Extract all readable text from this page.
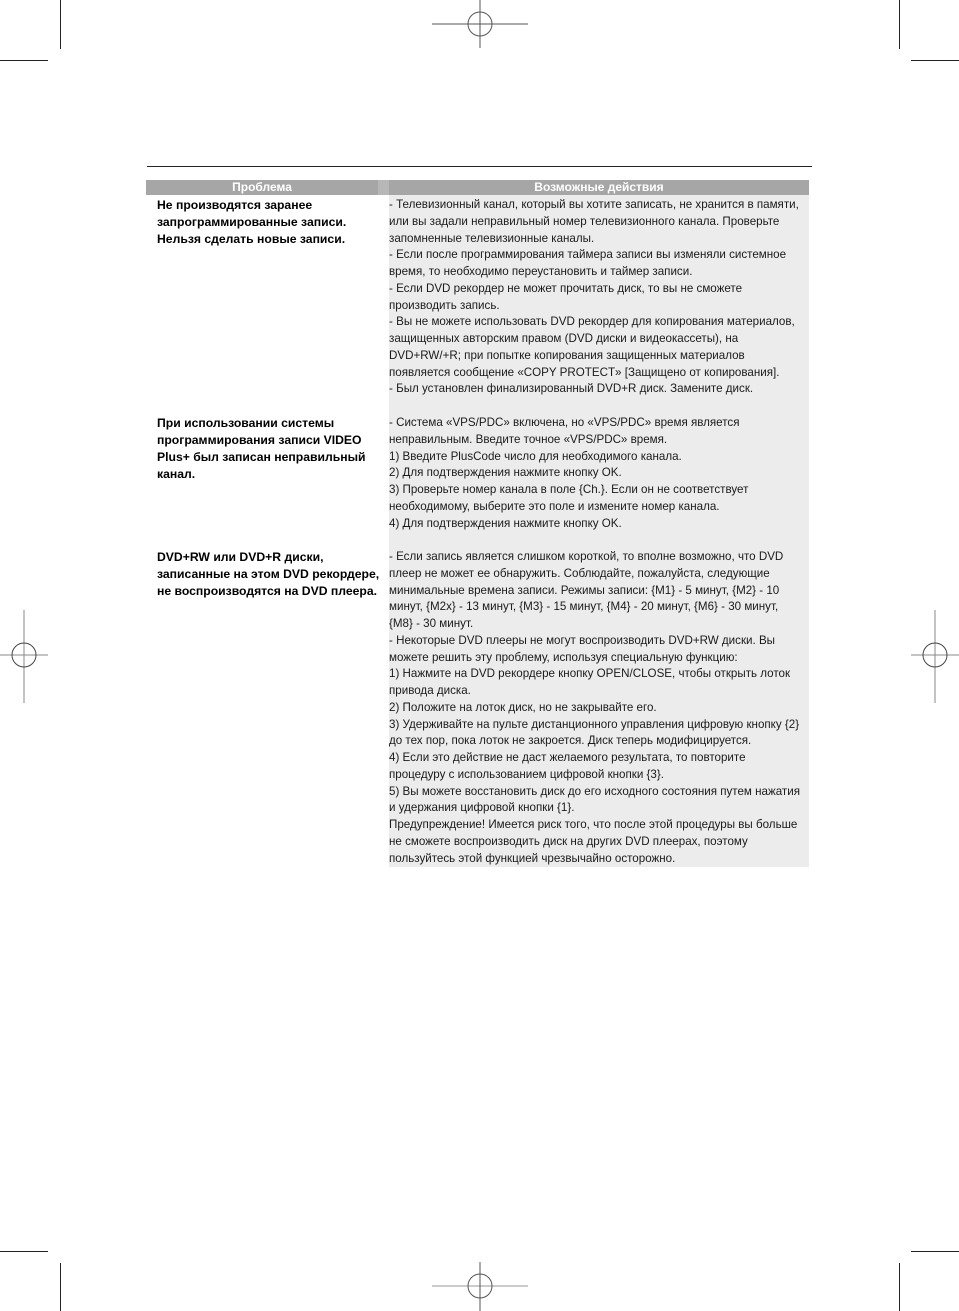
Проблема	Возможные действия
Не производятся заранее запрограммированные записи. Нельзя сделать новые записи.

- Телевизионный канал, который вы хотите записать, не хранится в памяти, или вы задали неправильный номер телевизионного канала. Проверьте запомненные телевизионные каналы.

- Если после программирования таймера записи вы изменяли системное время, то необходимо переустановить и таймер записи.

- Если DVD рекордер не может прочитать диск, то вы не сможете производить запись.

- Вы не можете использовать DVD рекордер для копирования материалов, защищенных авторским правом (DVD диски и видеокассеты), на DVD+RW/+R; при попытке копирования защищенных материалов появляется сообщение «COPY PROTECT» [Защищено от копирования].

- Был установлен финализированный DVD+R диск. Замените диск.

При использовании системы программирования записи VIDEO Plus+ был записан неправильный канал.

- Система «VPS/PDC» включена, но «VPS/PDC» время является неправильным. Введите точное «VPS/PDC» время.

1) Введите PlusCode число для необходимого канала.

2) Для подтверждения нажмите кнопку OK.

3) Проверьте номер канала в поле {Ch.}. Если он не соответствует необходимому, выберите это поле и измените номер канала.

4) Для подтверждения нажмите кнопку OK.

DVD+RW или DVD+R диски, записанные на этом DVD рекордере, не воспроизводятся на DVD плеера.

- Если запись является слишком короткой, то вполне возможно, что DVD плеер не может ее обнаружить. Соблюдайте, пожалуйста, следующие минимальные времена записи. Режимы записи: {M1} - 5 минут, {M2} - 10 минут, {M2x} - 13 минут, {M3} - 15 минут, {M4} - 20 минут, {M6} - 30 минут, {M8} - 30 минут.

- Некоторые DVD плееры не могут воспроизводить DVD+RW диски. Вы можете решить эту проблему, используя специальную функцию:

1) Нажмите на DVD рекордере кнопку OPEN/CLOSE, чтобы открыть лоток привода диска.

2) Положите на лоток диск, но не закрывайте его.

3) Удерживайте на пульте дистанционного управления цифровую кнопку {2} до тех пор, пока лоток не закроется. Диск теперь модифицируется.

4) Если это действие не даст желаемого результата, то повторите процедуру с использованием цифровой кнопки {3}.

5) Вы можете восстановить диск до его исходного состояния путем нажатия и удержания цифровой кнопки {1}.

Предупреждение! Имеется риск того, что после этой процедуры вы больше не сможете воспроизводить диск на других DVD плеерах, поэтому пользуйтесь этой функцией чрезвычайно осторожно.
